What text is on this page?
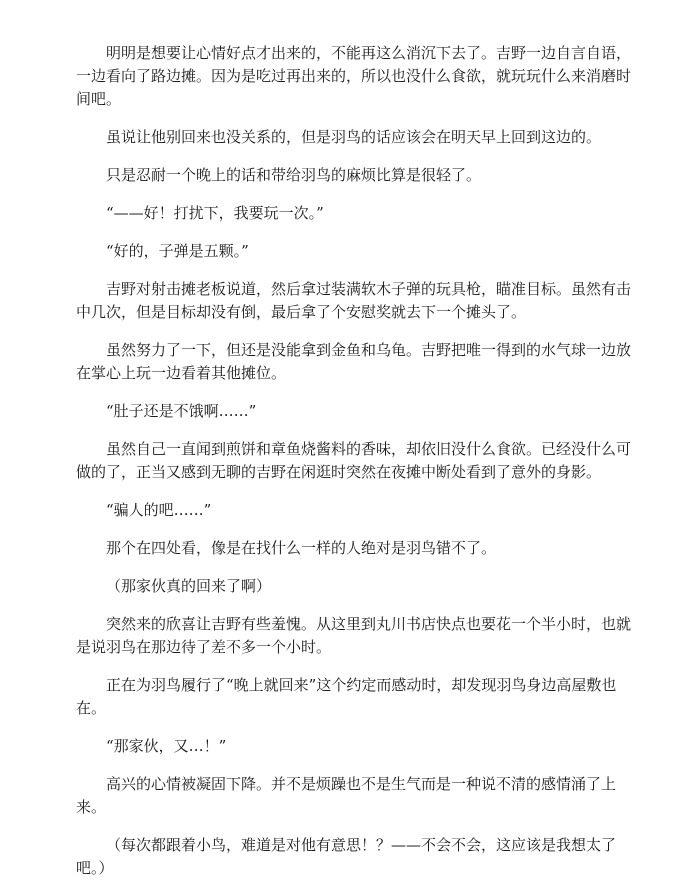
明明是想要让心情好点才出来的，不能再这么消沉下去了。吉野一边自言自语，一边看向了路边摊。因为是吃过再出来的，所以也没什么食欲，就玩玩什么来消磨时间吧。

虽说让他别回来也没关系的，但是羽鸟的话应该会在明天早上回到这边的。

只是忍耐一个晚上的话和带给羽鸟的麻烦比算是很轻了。

“——好！打扰下，我要玩一次。”

“好的，子弹是五颗。”

吉野对射击摊老板说道，然后拿过装满软木子弹的玩具枪，瞄准目标。虽然有击中几次，但是目标却没有倒，最后拿了个安慰奖就去下一个摊头了。

虽然努力了一下，但还是没能拿到金鱼和乌龟。吉野把唯一得到的水气球一边放在掌心上玩一边看着其他摊位。

“肚子还是不饿啊……”

虽然自己一直闻到煎饼和章鱼烧酱料的香味，却依旧没什么食欲。已经没什么可做的了，正当又感到无聊的吉野在闲逛时突然在夜摊中断处看到了意外的身影。

“骗人的吧……”

那个在四处看，像是在找什么一样的人绝对是羽鸟错不了。

（那家伙真的回来了啊）

突然来的欣喜让吉野有些羞愧。从这里到丸川书店快点也要花一个半小时，也就是说羽鸟在那边待了差不多一个小时。

正在为羽鸟履行了“晚上就回来”这个约定而感动时，却发现羽鸟身边高屋敷也在。

“那家伙，又…！”

高兴的心情被凝固下降。并不是烦躁也不是生气而是一种说不清的感情涌了上来。

（每次都跟着小鸟，难道是对他有意思！？——不会不会，这应该是我想太了吧。）
